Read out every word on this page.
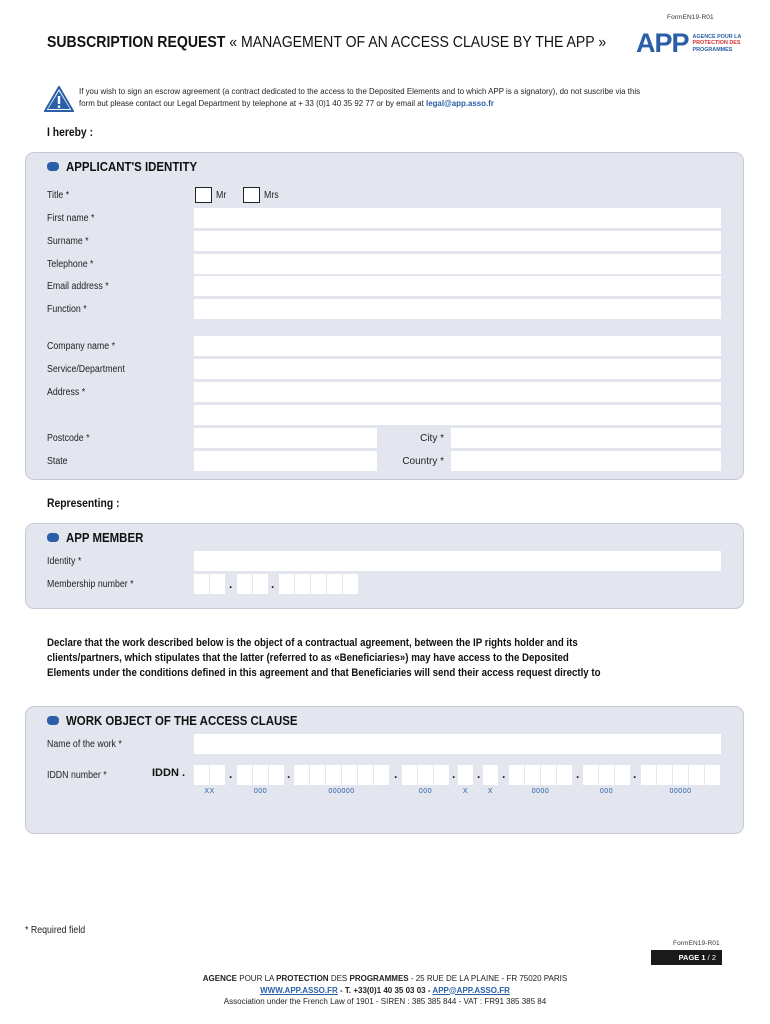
FormEN19-R01
SUBSCRIPTION REQUEST « MANAGEMENT OF AN ACCESS CLAUSE BY THE APP » APP AGENCE POUR LA
PROTECTION DES
PROGRAMMES
If you wish to sign an escrow agreement (a contract dedicated to the access to the Deposited Elements and to which APP is a signatory), do not suscribe via this
form but please contact our Legal Department by telephone at + 33 (0)1 40 35 92 77 or by email at legal@app.asso.fr
I hereby :
APPLICANT'S IDENTITY
Title *	Mr	Mrs
First name *
Surname *
Telephone *
Email address *
Function *
Company name *
Service/Department
Address *
Postcode *	City *
State	Country *
Representing :
APP MEMBER
Identity *
Membership number *	.	.
Declare that the work described below is the object of a contractual agreement, between the IP rights holder and its
clients/partners, which stipulates that the latter (referred to as «Beneficiaries») may have access to the Deposited
Elements under the conditions defined in this agreement and that Beneficiaries will send their access request directly to
WORK OBJECT OF THE ACCESS CLAUSE
Name of the work *
IDDN number *	IDDN .	.	.	.	. . .	.	.
XX	000	000000	000	X	X	0000	000	00000
* Required field
FormEN19-R01
PAGE 1 / 2
AGENCE POUR LA PROTECTION DES PROGRAMMES - 25 RUE DE LA PLAINE - FR 75020 PARIS
WWW.APP.ASSO.FR - T. +33(0)1 40 35 03 03 - APP@APP.ASSO.FR
Association under the French Law of 1901 - SIREN : 385 385 844 - VAT : FR91 385 385 84
